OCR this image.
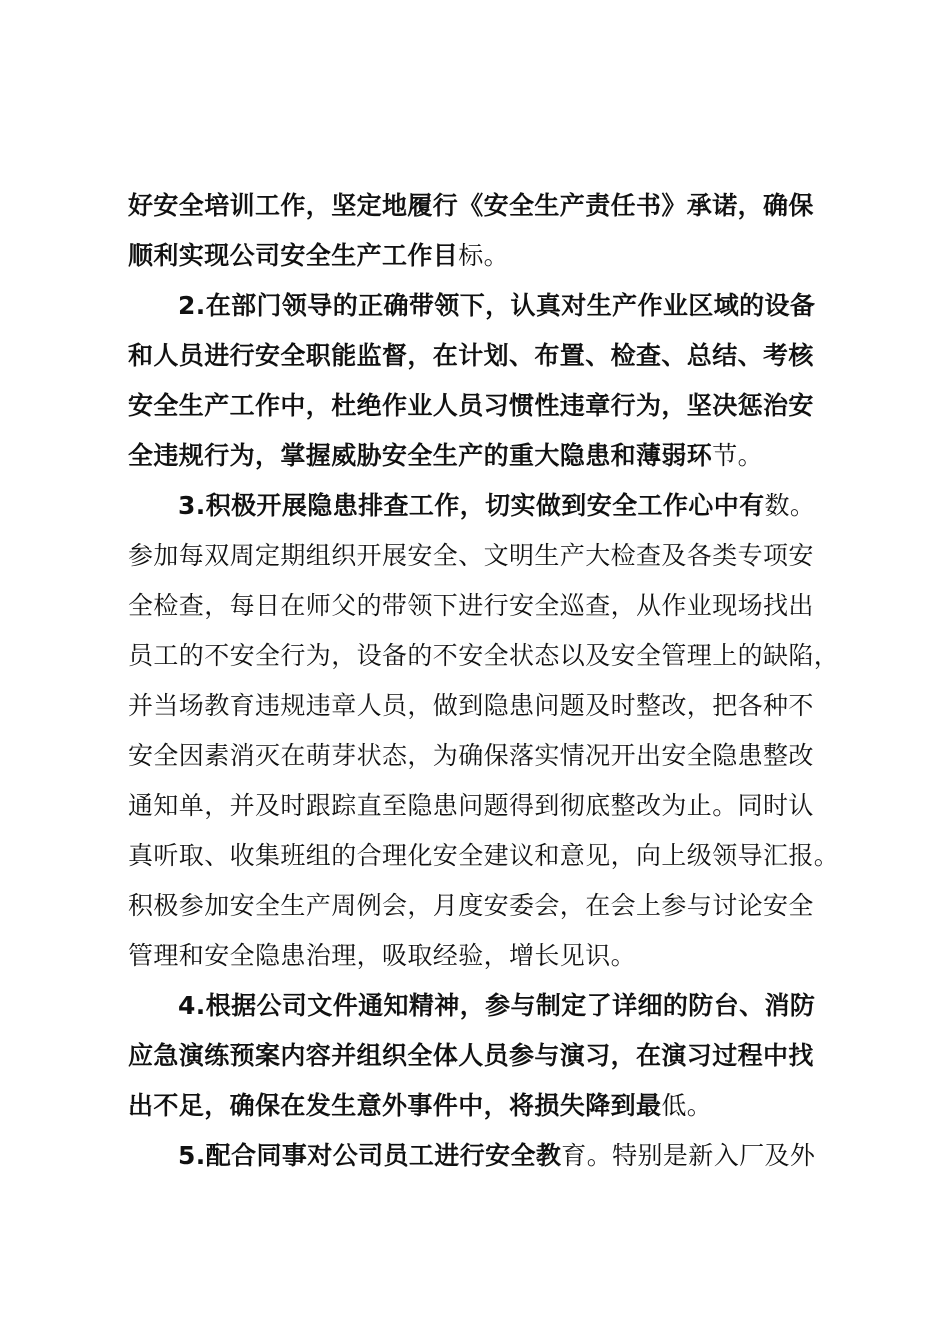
好安全培训工作，坚定地履行《安全生产责任书》承诺，确保
顺利实现公司安全生产工作目标。
2.在部门领导的正确带领下，认真对生产作业区域的设备
和人员进行安全职能监督，在计划、布置、检查、总结、考核
安全生产工作中，杜绝作业人员习惯性违章行为，坚决惩治安
全违规行为，掌握威胁安全生产的重大隐患和薄弱环节。
3.积极开展隐患排查工作，切实做到安全工作心中有数。
参加每双周定期组织开展安全、文明生产大检查及各类专项安
全检查，每日在师父的带领下进行安全巡查，从作业现场找出
员工的不安全行为，设备的不安全状态以及安全管理上的缺陷，
并当场教育违规违章人员，做到隐患问题及时整改，把各种不
安全因素消灭在萌芽状态，为确保落实情况开出安全隐患整改
通知单，并及时跟踪直至隐患问题得到彻底整改为止。同时认
真听取、收集班组的合理化安全建议和意见，向上级领导汇报。
积极参加安全生产周例会，月度安委会，在会上参与讨论安全
管理和安全隐患治理，吸取经验，增长见识。
4.根据公司文件通知精神，参与制定了详细的防台、消防
应急演练预案内容并组织全体人员参与演习，在演习过程中找
出不足，确保在发生意外事件中，将损失降到最低。
5.配合同事对公司员工进行安全教育。特别是新入厂及外
